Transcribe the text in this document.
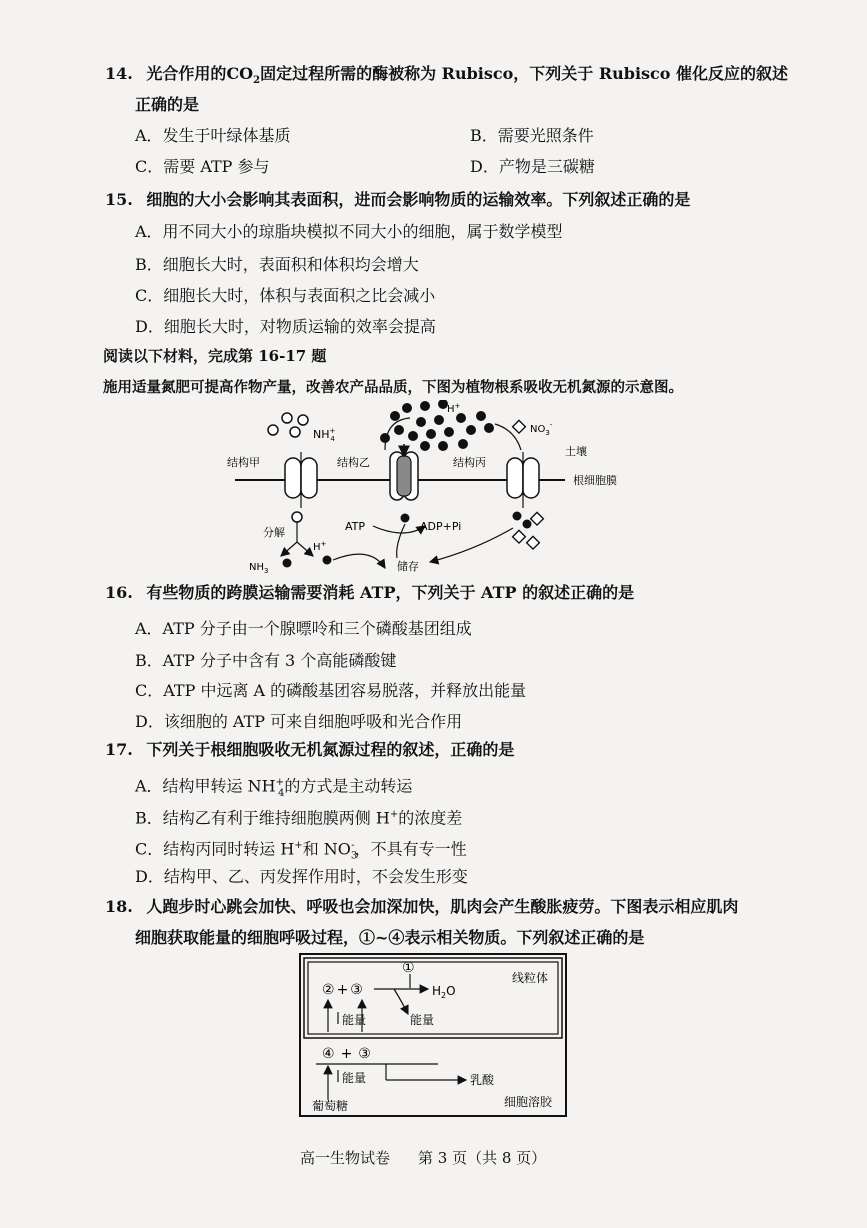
14. 光合作用的$CO_2$固定过程所需的酶被称为 Rubisco，下列关于 Rubisco 催化反应的叙述
正确的是
A．发生于叶绿体基质	B．需要光照条件
C．需要 ATP 参与	D．产物是三碳糖
15. 细胞的大小会影响其表面积，进而会影响物质的运输效率。下列叙述正确的是
A．用不同大小的琼脂块模拟不同大小的细胞，属于数学模型
B．细胞长大时，表面积和体积均会增大
C．细胞长大时，体积与表面积之比会减小
D．细胞长大时，对物质运输的效率会提高
阅读以下材料，完成第 16-17 题
施用适量氮肥可提高作物产量，改善农产品品质，下图为植物根系吸收无机氮源的示意图。
NH+ 4
结构甲
分解
$NH_3$
H+
结构乙
ATP	ADP+Pi
H+
结构丙
$NO_3^-$
土壤
根细胞膜
储存
16. 有些物质的跨膜运输需要消耗 ATP，下列关于 ATP 的叙述正确的是
A．ATP 分子由一个腺嘌呤和三个磷酸基团组成
B．ATP 分子中含有 3 个高能磷酸键
C．ATP 中远离 A 的磷酸基团容易脱落，并释放出能量
D．该细胞的 ATP 可来自细胞呼吸和光合作用
17. 下列关于根细胞吸收无机氮源过程的叙述，正确的是
A．结构甲转运 $NH^+_4$的方式是主动转运
B．结构乙有利于维持细胞膜两侧 H+的浓度差
C．结构丙同时转运 H+和 $NO_3^-$，不具有专一性
D．结构甲、乙、丙发挥作用时，不会发生形变
18. 人跑步时心跳会加快、呼吸也会加深加快，肌肉会产生酸胀疲劳。下图表示相应肌肉
细胞获取能量的细胞呼吸过程，①~④表示相关物质。下列叙述正确的是
线粒体
细胞溶胶
①
② + ③	$H_2O$
能量
能量
④ + ③
乳酸
能量
葡萄糖
高一生物试卷 第 3 页（共 8 页）
